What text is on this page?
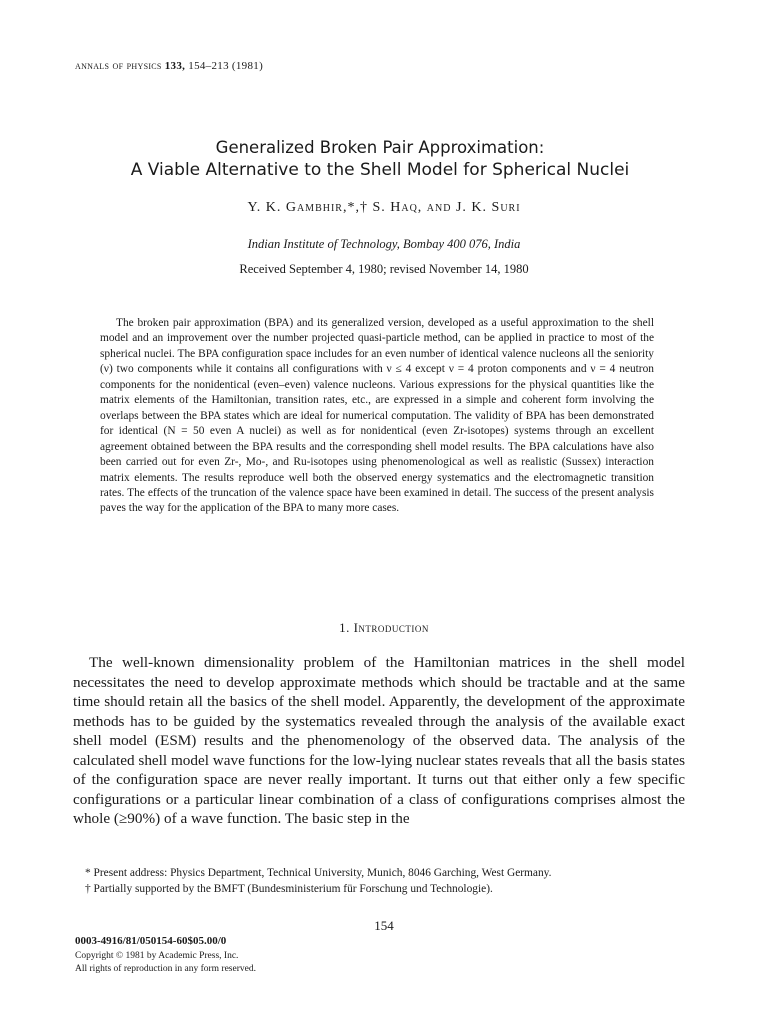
annals of physics 133, 154–213 (1981)
Generalized Broken Pair Approximation:
A Viable Alternative to the Shell Model for Spherical Nuclei
Y. K. Gambhir,*,† S. Haq, and J. K. Suri
Indian Institute of Technology, Bombay 400 076, India
Received September 4, 1980; revised November 14, 1980
The broken pair approximation (BPA) and its generalized version, developed as a useful approximation to the shell model and an improvement over the number projected quasi-particle method, can be applied in practice to most of the spherical nuclei. The BPA configuration space includes for an even number of identical valence nucleons all the seniority (ν) two components while it contains all configurations with ν ≤ 4 except ν = 4 proton components and ν = 4 neutron components for the nonidentical (even–even) valence nucleons. Various expressions for the physical quantities like the matrix elements of the Hamiltonian, transition rates, etc., are expressed in a simple and coherent form involving the overlaps between the BPA states which are ideal for numerical computation. The validity of BPA has been demonstrated for identical (N = 50 even A nuclei) as well as for nonidentical (even Zr-isotopes) systems through an excellent agreement obtained between the BPA results and the corresponding shell model results. The BPA calculations have also been carried out for even Zr-, Mo-, and Ru-isotopes using phenomenological as well as realistic (Sussex) interaction matrix elements. The results reproduce well both the observed energy systematics and the electromagnetic transition rates. The effects of the truncation of the valence space have been examined in detail. The success of the present analysis paves the way for the application of the BPA to many more cases.
1. Introduction
The well-known dimensionality problem of the Hamiltonian matrices in the shell model necessitates the need to develop approximate methods which should be tractable and at the same time should retain all the basics of the shell model. Apparently, the development of the approximate methods has to be guided by the systematics revealed through the analysis of the available exact shell model (ESM) results and the phenomenology of the observed data. The analysis of the calculated shell model wave functions for the low-lying nuclear states reveals that all the basis states of the configuration space are never really important. It turns out that either only a few specific configurations or a particular linear combination of a class of configurations comprises almost the whole (≥90%) of a wave function. The basic step in the

* Present address: Physics Department, Technical University, Munich, 8046 Garching, West Germany.

† Partially supported by the BMFT (Bundesministerium für Forschung und Technologie).

154
0003-4916/81/050154-60$05.00/0
Copyright © 1981 by Academic Press, Inc.
All rights of reproduction in any form reserved.
